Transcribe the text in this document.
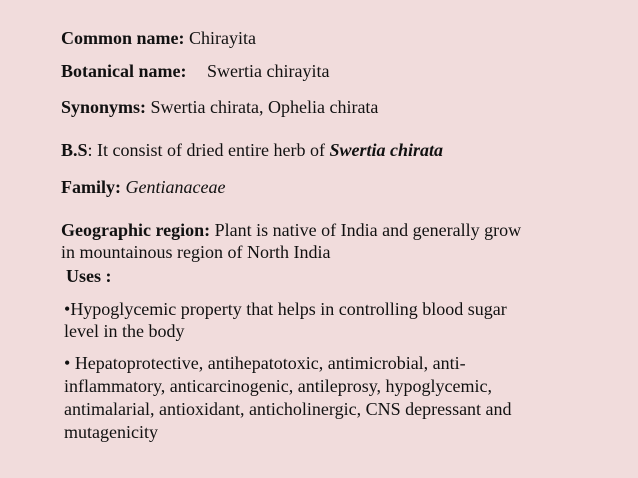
Common name: Chirayita
Botanical name: Swertia chirayita
Synonyms: Swertia chirata, Ophelia chirata
B.S: It consist of dried entire herb of Swertia chirata
Family: Gentianaceae
Geographic region: Plant is native of India and generally grow
in mountainous region of North India
Uses :
•Hypoglycemic property that helps in controlling blood sugar
level in the body
• Hepatoprotective, antihepatotoxic, antimicrobial, anti-
inflammatory, anticarcinogenic, antileprosy, hypoglycemic,
antimalarial, antioxidant, anticholinergic, CNS depressant and
mutagenicity
